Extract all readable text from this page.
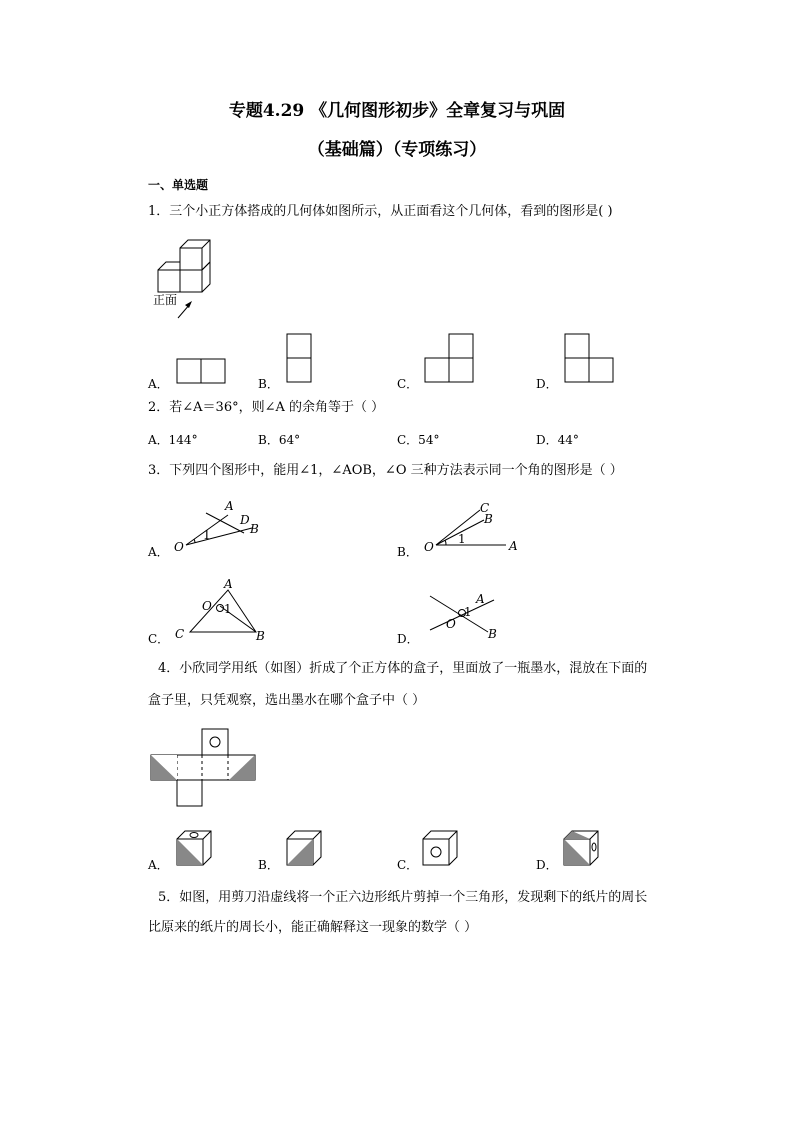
专题4.29 《几何图形初步》全章复习与巩固
（基础篇）（专项练习）
一、单选题
1．三个小正方体搭成的几何体如图所示，从正面看这个几何体，看到的图形是( )
正面
A．	B．	C．	D．
2．若∠A＝36°，则∠A 的余角等于（ ）
A．144°	B．64°	C．54°	D．44°
3．下列四个图形中，能用∠1，∠AOB，∠O 三种方法表示同一个角的图形是（ ）
A． O
A
D
B
1
B． O
C
B
A
1
C． C
A
B
O 1
D．
A
O
1
B
4．小欣同学用纸（如图）折成了个正方体的盒子，里面放了一瓶墨水，混放在下面的
盒子里，只凭观察，选出墨水在哪个盒子中（ ）
A．	B．	C．	D．
5．如图，用剪刀沿虚线将一个正六边形纸片剪掉一个三角形，发现剩下的纸片的周长
比原来的纸片的周长小，能正确解释这一现象的数学（ ）
